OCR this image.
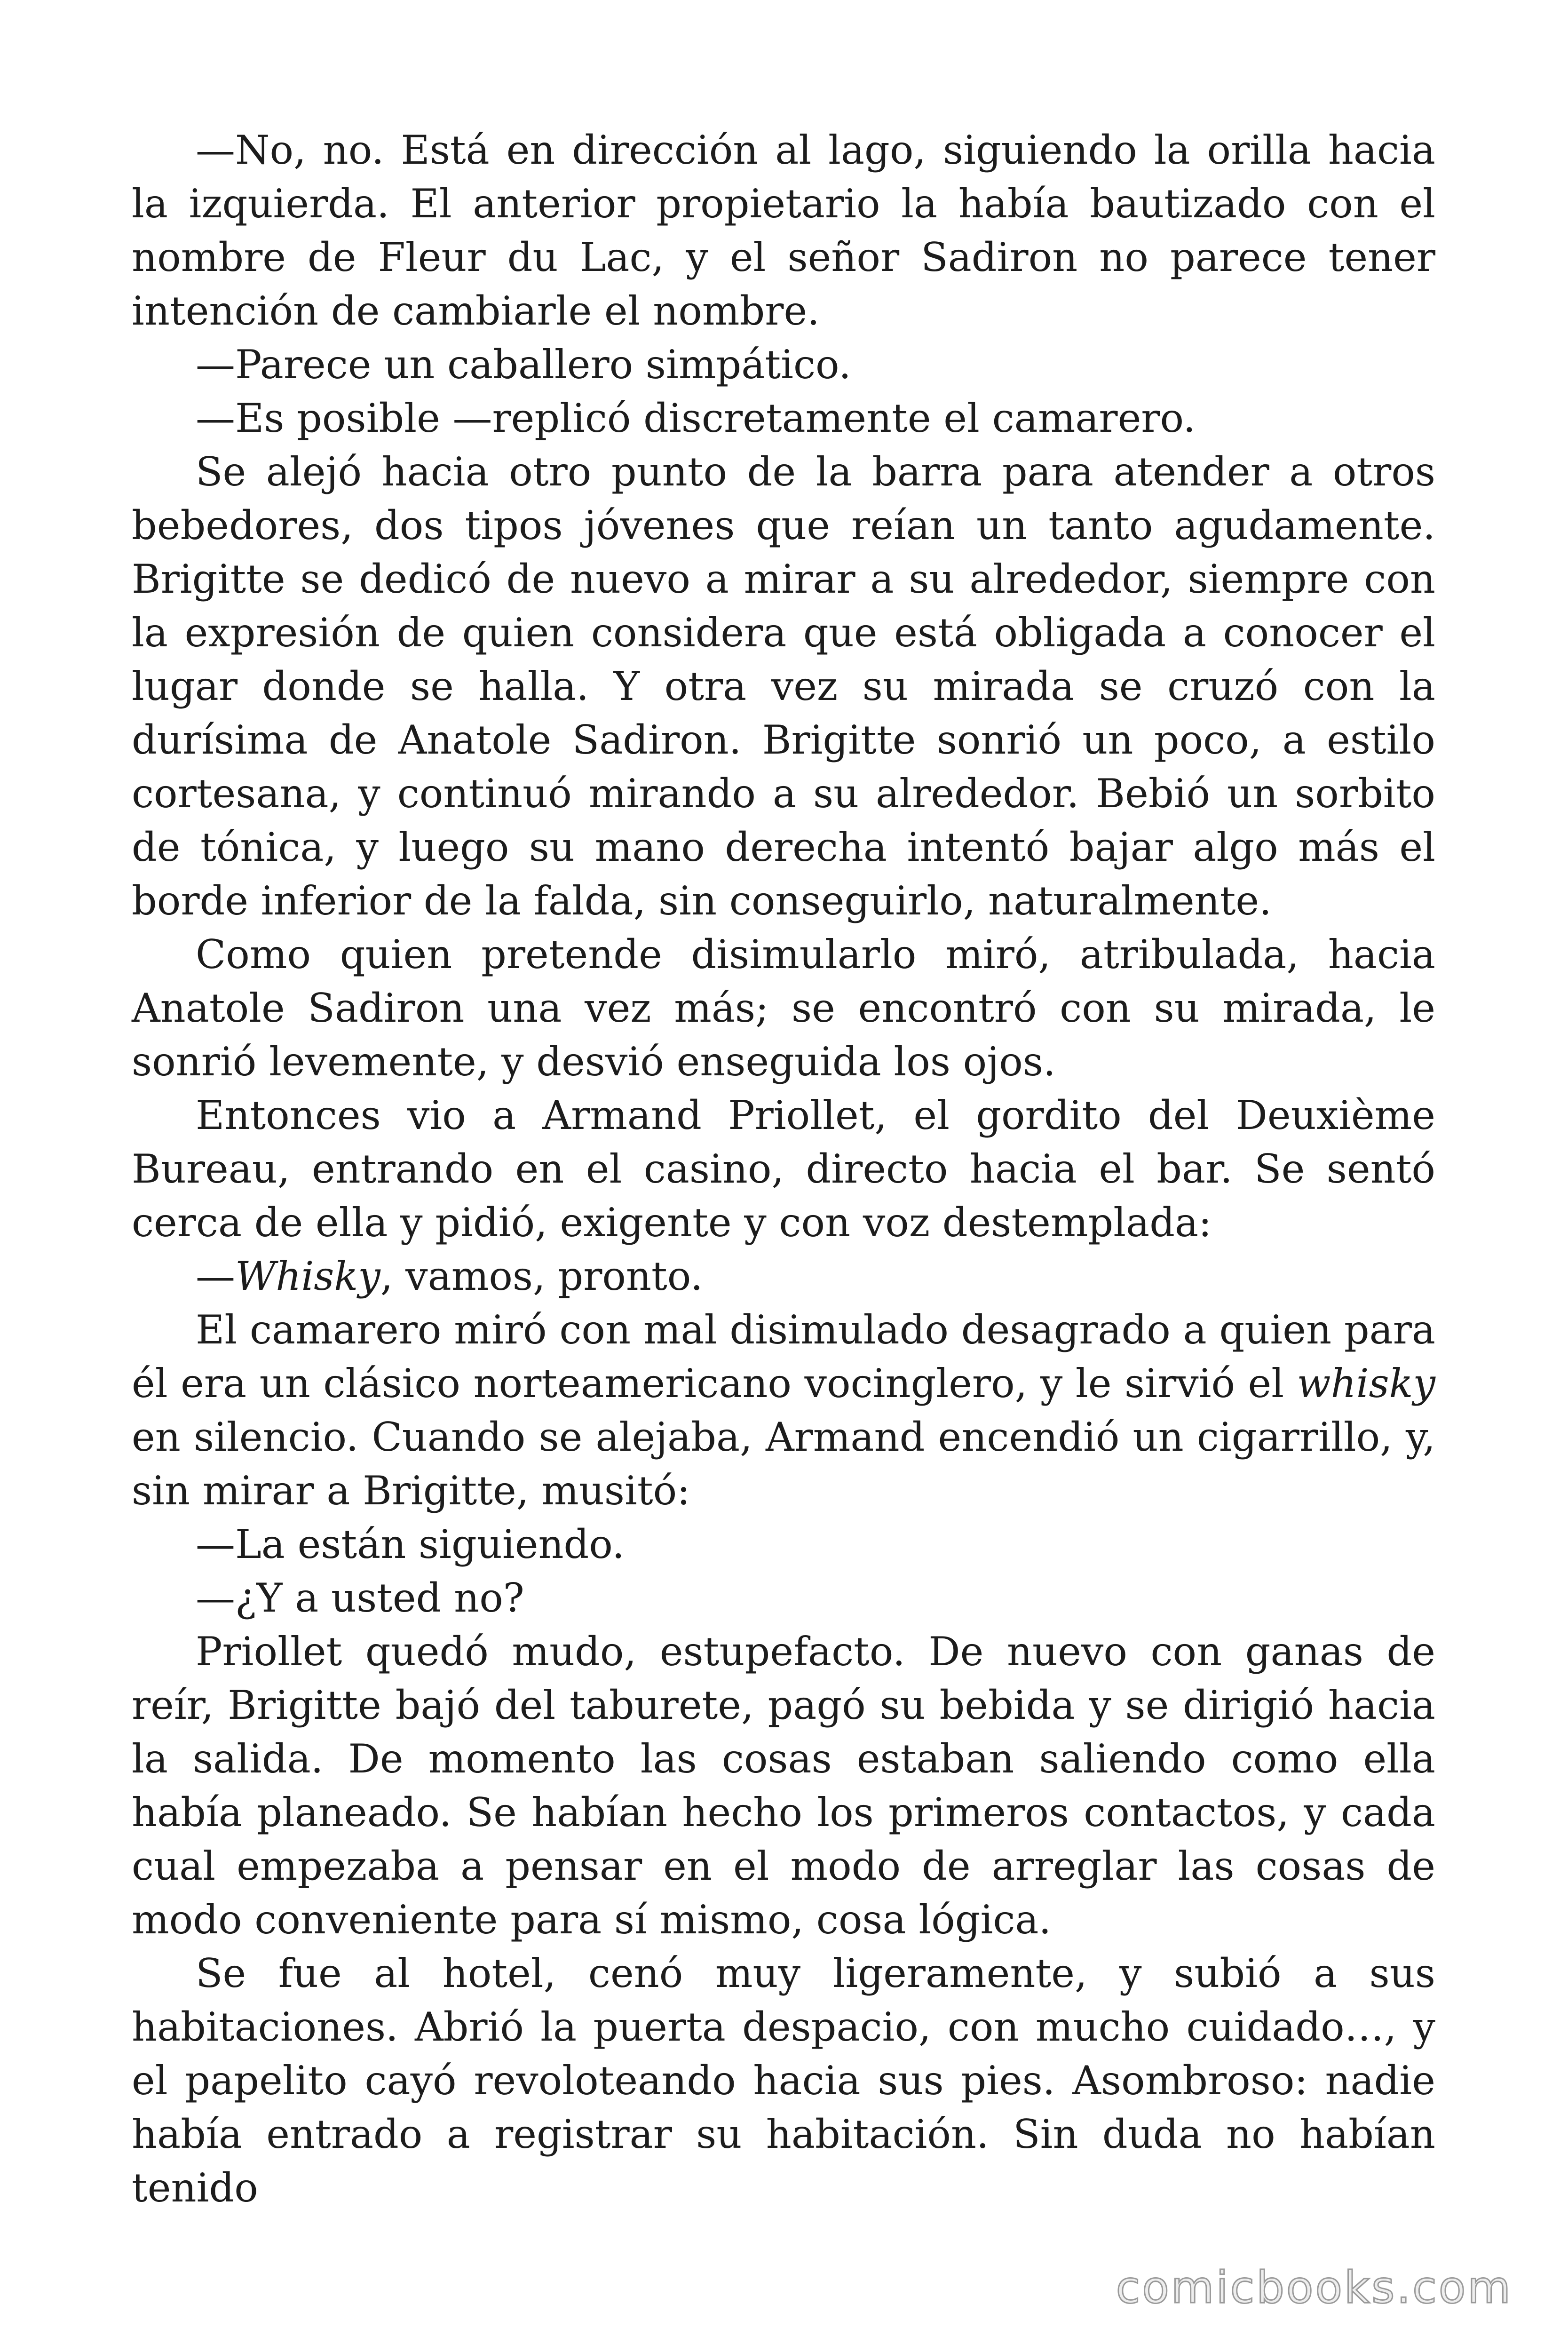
—No, no. Está en dirección al lago, siguiendo la orilla hacia la izquierda. El anterior propietario la había bautizado con el nombre de Fleur du Lac, y el señor Sadiron no parece tener intención de cambiarle el nombre.

—Parece un caballero simpático.

—Es posible —replicó discretamente el camarero.

Se alejó hacia otro punto de la barra para atender a otros bebedores, dos tipos jóvenes que reían un tanto agudamente. Brigitte se dedicó de nuevo a mirar a su alrededor, siempre con la expresión de quien considera que está obligada a conocer el lugar donde se halla. Y otra vez su mirada se cruzó con la durísima de Anatole Sadiron. Brigitte sonrió un poco, a estilo cortesana, y continuó mirando a su alrededor. Bebió un sorbito de tónica, y luego su mano derecha intentó bajar algo más el borde inferior de la falda, sin conseguirlo, naturalmente.

Como quien pretende disimularlo miró, atribulada, hacia Anatole Sadiron una vez más; se encontró con su mirada, le sonrió levemente, y desvió enseguida los ojos.

Entonces vio a Armand Priollet, el gordito del Deuxième Bureau, entrando en el casino, directo hacia el bar. Se sentó cerca de ella y pidió, exigente y con voz destemplada:

—Whisky, vamos, pronto.

El camarero miró con mal disimulado desagrado a quien para él era un clásico norteamericano vocinglero, y le sirvió el whisky en silencio. Cuando se alejaba, Armand encendió un cigarrillo, y, sin mirar a Brigitte, musitó:

—La están siguiendo.

—¿Y a usted no?

Priollet quedó mudo, estupefacto. De nuevo con ganas de reír, Brigitte bajó del taburete, pagó su bebida y se dirigió hacia la salida. De momento las cosas estaban saliendo como ella había planeado. Se habían hecho los primeros contactos, y cada cual empezaba a pensar en el modo de arreglar las cosas de modo conveniente para sí mismo, cosa lógica.

Se fue al hotel, cenó muy ligeramente, y subió a sus habitaciones. Abrió la puerta despacio, con mucho cuidado…, y el papelito cayó revoloteando hacia sus pies. Asombroso: nadie había entrado a registrar su habitación. Sin duda no habían tenido

comicbooks.com
